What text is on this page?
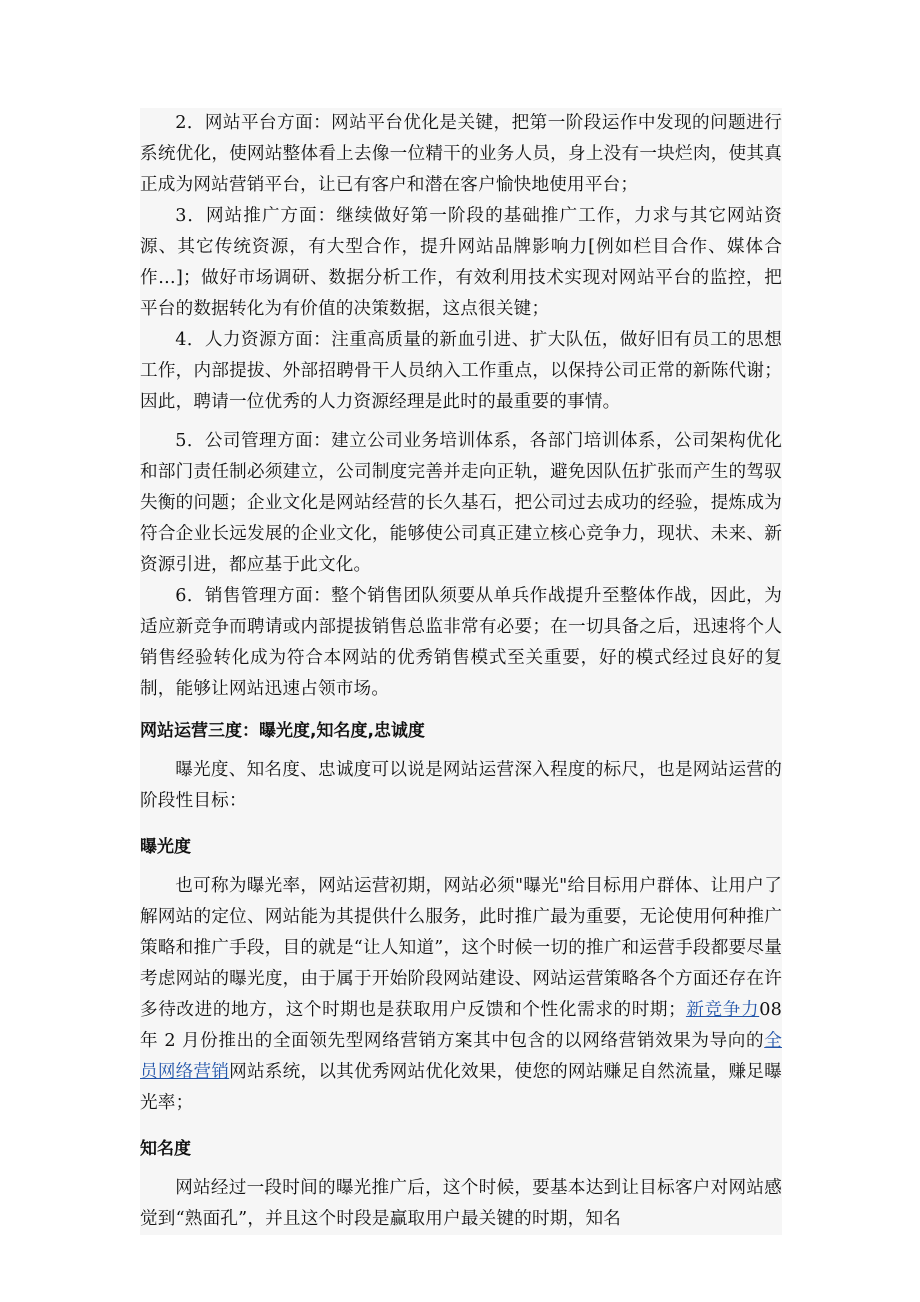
2．网站平台方面：网站平台优化是关键，把第一阶段运作中发现的问题进行系统优化，使网站整体看上去像一位精干的业务人员，身上没有一块烂肉，使其真正成为网站营销平台，让已有客户和潜在客户愉快地使用平台；

3．网站推广方面：继续做好第一阶段的基础推广工作，力求与其它网站资源、其它传统资源，有大型合作，提升网站品牌影响力[例如栏目合作、媒体合作…]；做好市场调研、数据分析工作，有效利用技术实现对网站平台的监控，把平台的数据转化为有价值的决策数据，这点很关键；

4．人力资源方面：注重高质量的新血引进、扩大队伍，做好旧有员工的思想工作，内部提拔、外部招聘骨干人员纳入工作重点，以保持公司正常的新陈代谢；因此，聘请一位优秀的人力资源经理是此时的最重要的事情。

5．公司管理方面：建立公司业务培训体系，各部门培训体系，公司架构优化和部门责任制必须建立，公司制度完善并走向正轨，避免因队伍扩张而产生的驾驭失衡的问题；企业文化是网站经营的长久基石，把公司过去成功的经验，提炼成为符合企业长远发展的企业文化，能够使公司真正建立核心竞争力，现状、未来、新资源引进，都应基于此文化。

6．销售管理方面：整个销售团队须要从单兵作战提升至整体作战，因此，为适应新竞争而聘请或内部提拔销售总监非常有必要；在一切具备之后，迅速将个人销售经验转化成为符合本网站的优秀销售模式至关重要，好的模式经过良好的复制，能够让网站迅速占领市场。

网站运营三度：曝光度,知名度,忠诚度

曝光度、知名度、忠诚度可以说是网站运营深入程度的标尺，也是网站运营的阶段性目标：

曝光度

也可称为曝光率，网站运营初期，网站必须"曝光"给目标用户群体、让用户了解网站的定位、网站能为其提供什么服务，此时推广最为重要，无论使用何种推广策略和推广手段，目的就是“让人知道”，这个时候一切的推广和运营手段都要尽量考虑网站的曝光度，由于属于开始阶段网站建设、网站运营策略各个方面还存在许多待改进的地方，这个时期也是获取用户反馈和个性化需求的时期；新竞争力08 年 2 月份推出的全面领先型网络营销方案其中包含的以网络营销效果为导向的全员网络营销网站系统，以其优秀网站优化效果，使您的网站赚足自然流量，赚足曝光率；

知名度

网站经过一段时间的曝光推广后，这个时候，要基本达到让目标客户对网站感觉到“熟面孔”，并且这个时段是赢取用户最关键的时期，知名
